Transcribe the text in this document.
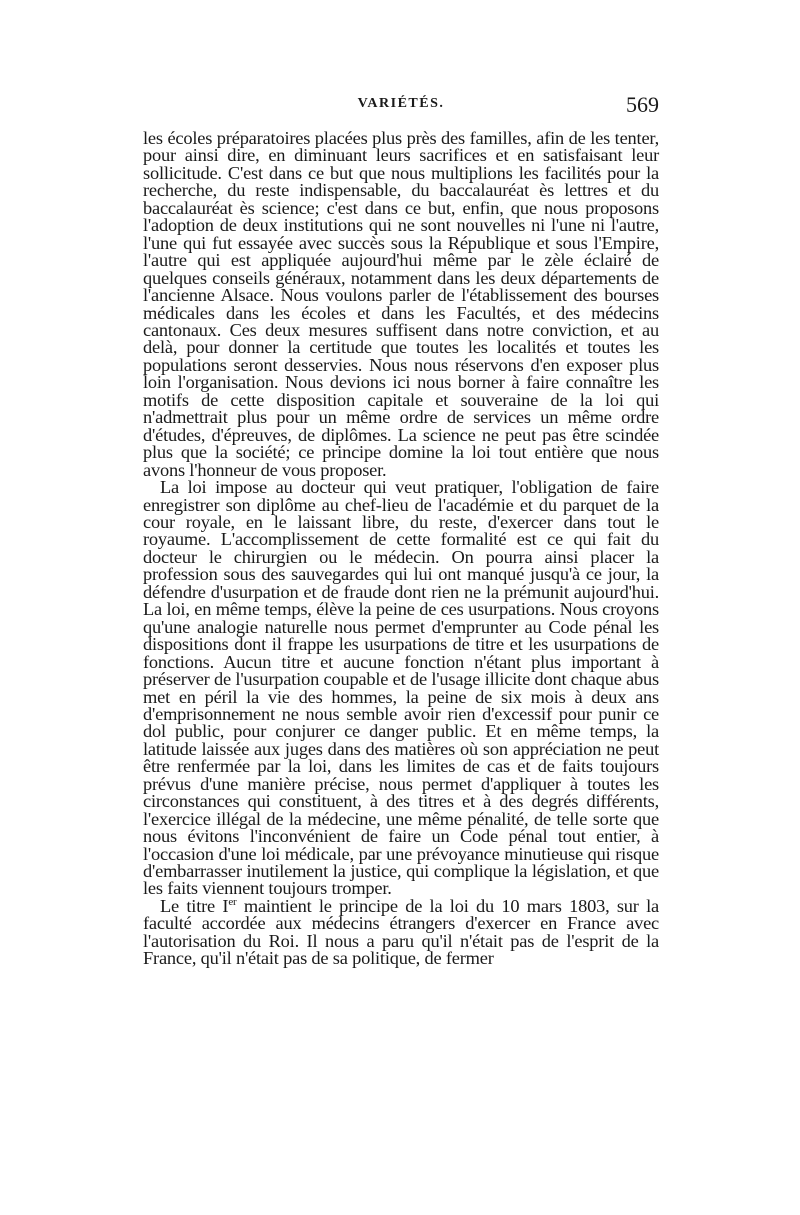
VARIÉTÉS.	569

les écoles préparatoires placées plus près des familles, afin de les tenter, pour ainsi dire, en diminuant leurs sacrifices et en satisfaisant leur sollicitude. C'est dans ce but que nous multiplions les facilités pour la recherche, du reste indispensable, du baccalauréat ès lettres et du baccalauréat ès science; c'est dans ce but, enfin, que nous proposons l'adoption de deux institutions qui ne sont nouvelles ni l'une ni l'autre, l'une qui fut essayée avec succès sous la République et sous l'Empire, l'autre qui est appliquée aujourd'hui même par le zèle éclairé de quelques conseils généraux, notamment dans les deux départements de l'ancienne Alsace. Nous voulons parler de l'établissement des bourses médicales dans les écoles et dans les Facultés, et des médecins cantonaux. Ces deux mesures suffisent dans notre conviction, et au delà, pour donner la certitude que toutes les localités et toutes les populations seront desservies. Nous nous réservons d'en exposer plus loin l'organisation. Nous devions ici nous borner à faire connaître les motifs de cette disposition capitale et souveraine de la loi qui n'admettrait plus pour un même ordre de services un même ordre d'études, d'épreuves, de diplômes. La science ne peut pas être scindée plus que la société; ce principe domine la loi tout entière que nous avons l'honneur de vous proposer.

La loi impose au docteur qui veut pratiquer, l'obligation de faire enregistrer son diplôme au chef-lieu de l'académie et du parquet de la cour royale, en le laissant libre, du reste, d'exercer dans tout le royaume. L'accomplissement de cette formalité est ce qui fait du docteur le chirurgien ou le médecin. On pourra ainsi placer la profession sous des sauvegardes qui lui ont manqué jusqu'à ce jour, la défendre d'usurpation et de fraude dont rien ne la prémunit aujourd'hui. La loi, en même temps, élève la peine de ces usurpations. Nous croyons qu'une analogie naturelle nous permet d'emprunter au Code pénal les dispositions dont il frappe les usurpations de titre et les usurpations de fonctions. Aucun titre et aucune fonction n'étant plus important à préserver de l'usurpation coupable et de l'usage illicite dont chaque abus met en péril la vie des hommes, la peine de six mois à deux ans d'emprisonnement ne nous semble avoir rien d'excessif pour punir ce dol public, pour conjurer ce danger public. Et en même temps, la latitude laissée aux juges dans des matières où son appréciation ne peut être renfermée par la loi, dans les limites de cas et de faits toujours prévus d'une manière précise, nous permet d'appliquer à toutes les circonstances qui constituent, à des titres et à des degrés différents, l'exercice illégal de la médecine, une même pénalité, de telle sorte que nous évitons l'inconvénient de faire un Code pénal tout entier, à l'occasion d'une loi médicale, par une prévoyance minutieuse qui risque d'embarrasser inutilement la justice, qui complique la législation, et que les faits viennent toujours tromper.

Le titre Ier maintient le principe de la loi du 10 mars 1803, sur la faculté accordée aux médecins étrangers d'exercer en France avec l'autorisation du Roi. Il nous a paru qu'il n'était pas de l'esprit de la France, qu'il n'était pas de sa politique, de fermer
